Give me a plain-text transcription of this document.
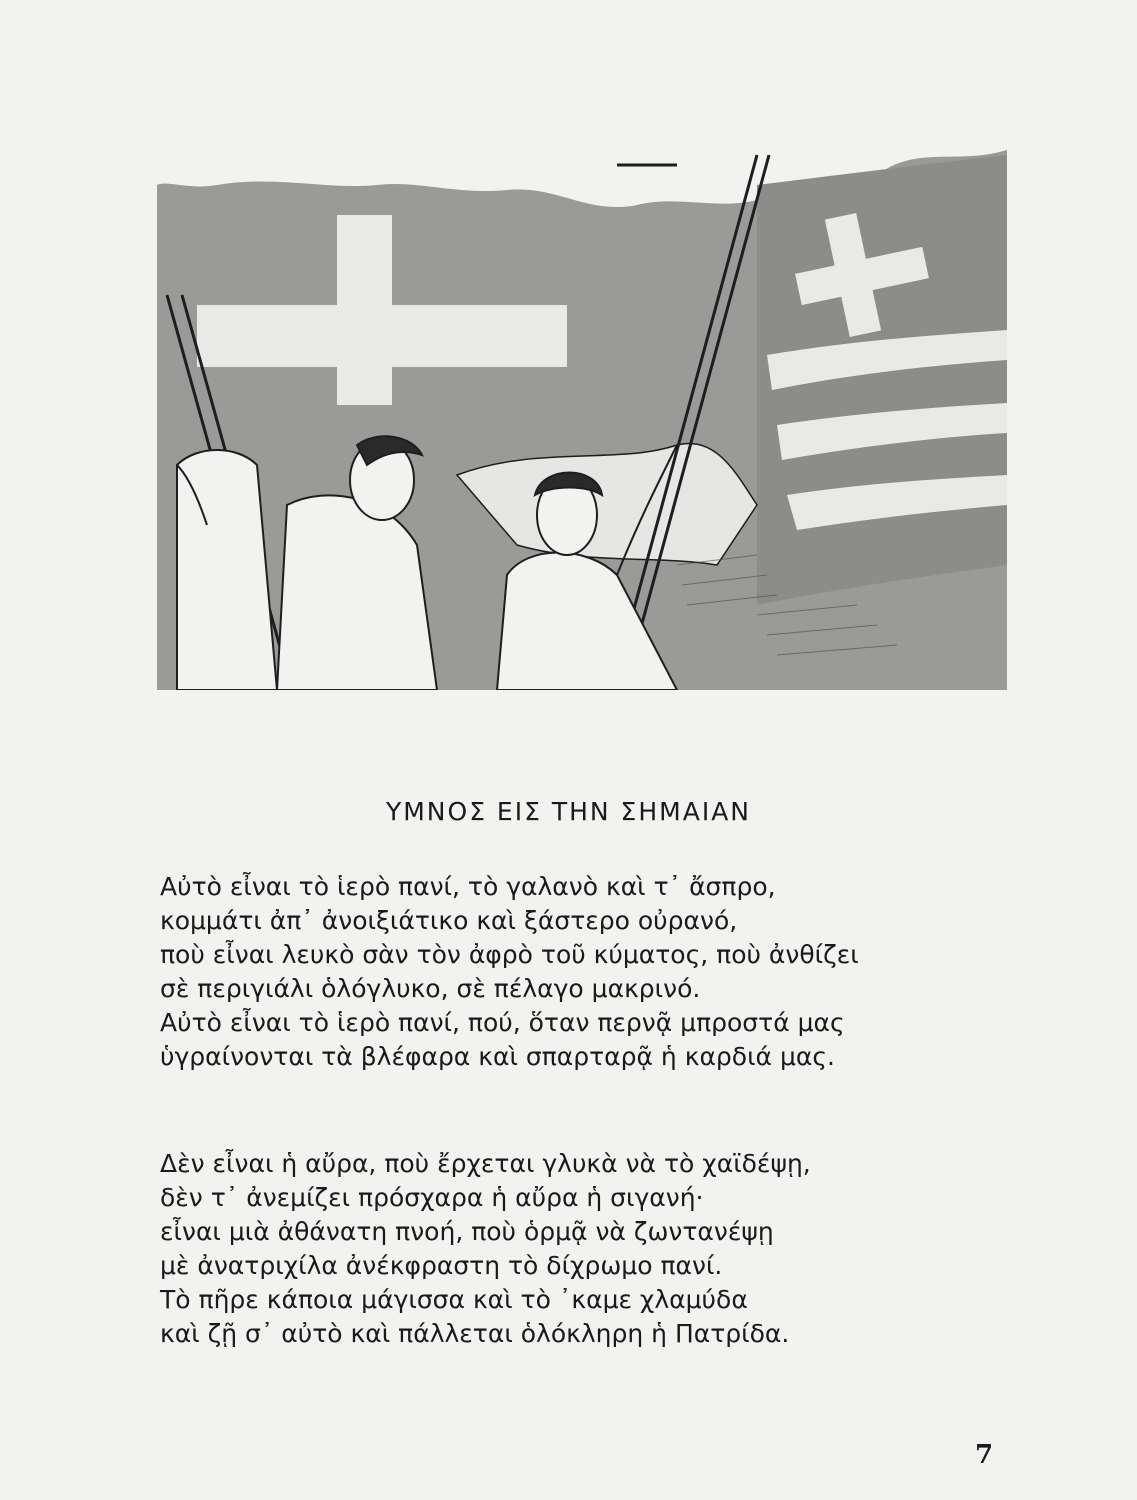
ΥΜΝΟΣ ΕΙΣ ΤΗΝ ΣΗΜΑΙΑΝ
Αὐτὸ εἶναι τὸ ἱερὸ πανί, τὸ γαλανὸ καὶ τ᾽ ἄσπρο,
κομμάτι ἀπ᾽ ἀνοιξιάτικο καὶ ξάστερο οὐρανό,
ποὺ εἶναι λευκὸ σὰν τὸν ἀφρὸ τοῦ κύματος, ποὺ ἀνθίζει
σὲ περιγιάλι ὁλόγλυκο, σὲ πέλαγο μακρινό.
Αὐτὸ εἶναι τὸ ἱερὸ πανί, πού, ὅταν περνᾷ μπροστά μας
ὑγραίνονται τὰ βλέφαρα καὶ σπαρταρᾷ ἡ καρδιά μας.
Δὲν εἶναι ἡ αὔρα, ποὺ ἔρχεται γλυκὰ νὰ τὸ χαϊδέψῃ,
δὲν τ᾽ ἀνεμίζει πρόσχαρα ἡ αὔρα ἡ σιγανή·
εἶναι μιὰ ἀθάνατη πνοή, ποὺ ὁρμᾷ νὰ ζωντανέψῃ
μὲ ἀνατριχίλα ἀνέκφραστη τὸ δίχρωμο πανί.
Τὸ πῆρε κάποια μάγισσα καὶ τὸ ᾽καμε χλαμύδα
καὶ ζῇ σ᾽ αὐτὸ καὶ πάλλεται ὁλόκληρη ἡ Πατρίδα.
7
